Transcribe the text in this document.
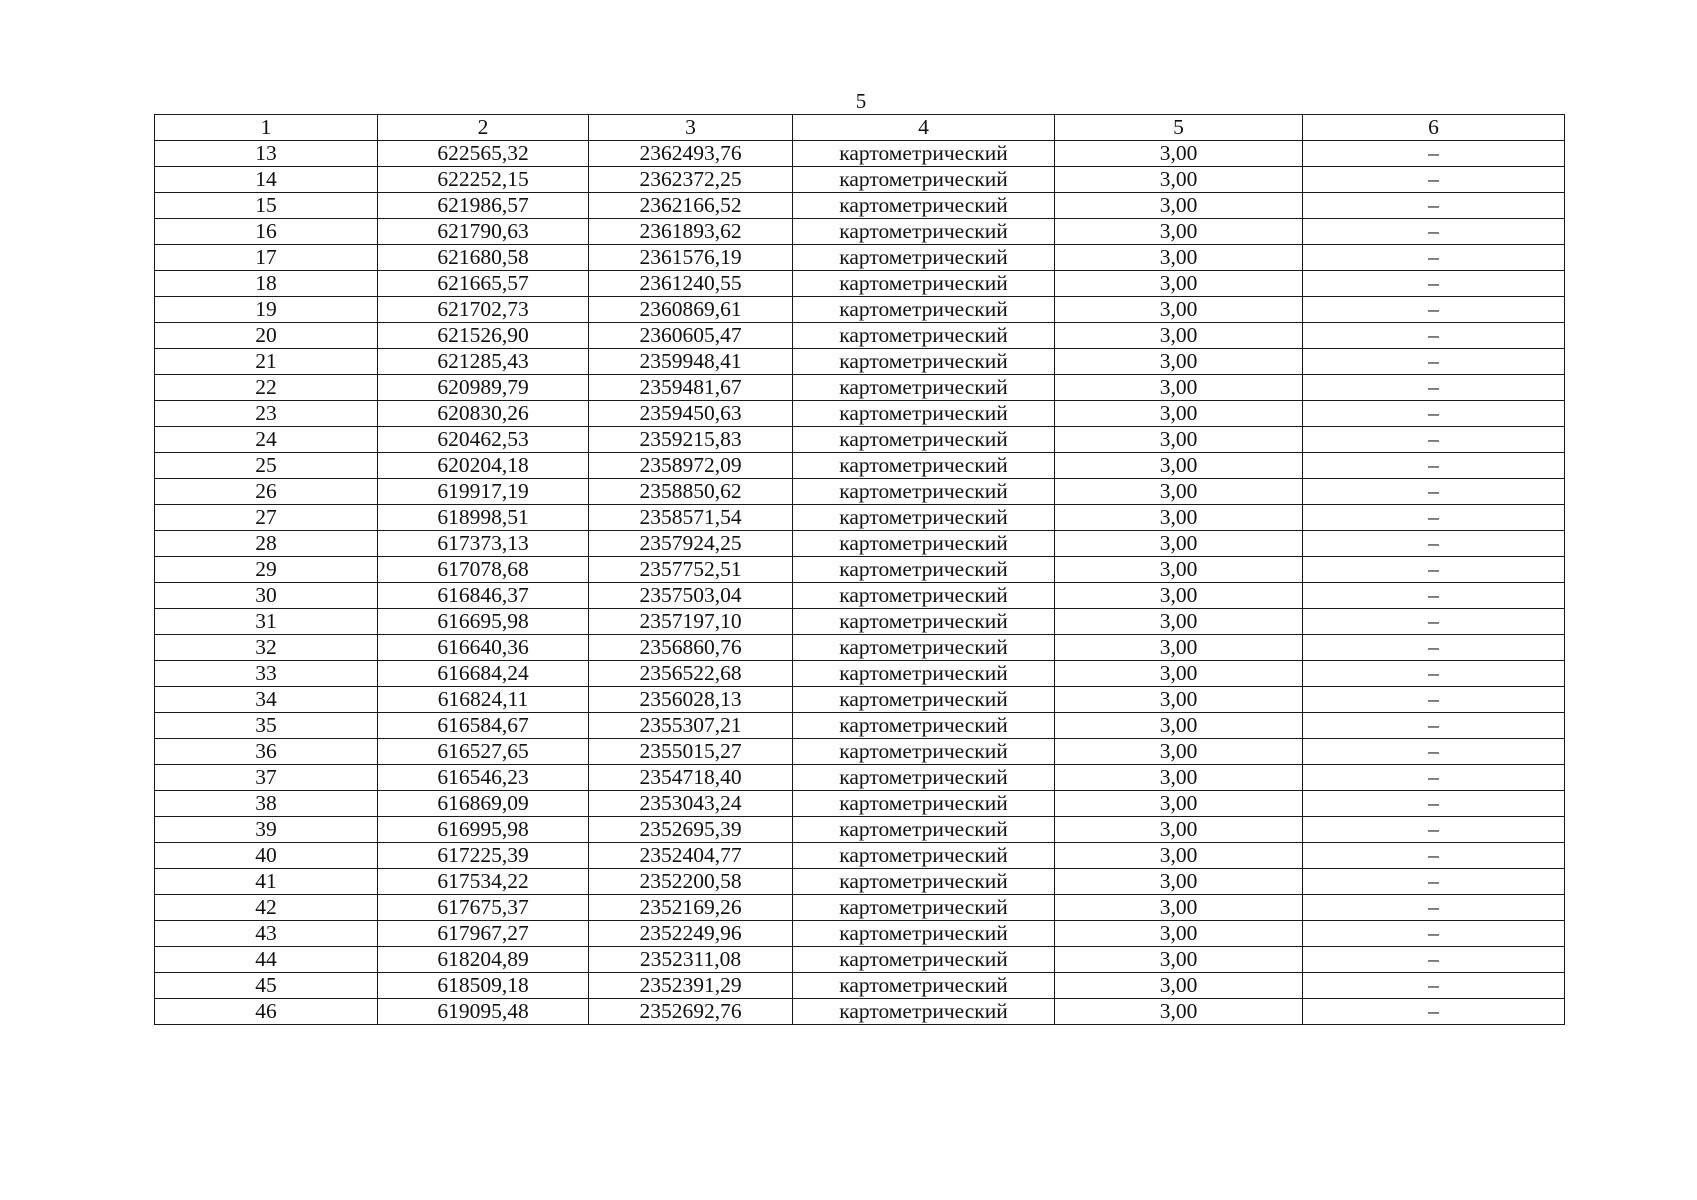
5
1	2	3	4	5	6
13	622565,32	2362493,76	картометрический	3,00	–
14	622252,15	2362372,25	картометрический	3,00	–
15	621986,57	2362166,52	картометрический	3,00	–
16	621790,63	2361893,62	картометрический	3,00	–
17	621680,58	2361576,19	картометрический	3,00	–
18	621665,57	2361240,55	картометрический	3,00	–
19	621702,73	2360869,61	картометрический	3,00	–
20	621526,90	2360605,47	картометрический	3,00	–
21	621285,43	2359948,41	картометрический	3,00	–
22	620989,79	2359481,67	картометрический	3,00	–
23	620830,26	2359450,63	картометрический	3,00	–
24	620462,53	2359215,83	картометрический	3,00	–
25	620204,18	2358972,09	картометрический	3,00	–
26	619917,19	2358850,62	картометрический	3,00	–
27	618998,51	2358571,54	картометрический	3,00	–
28	617373,13	2357924,25	картометрический	3,00	–
29	617078,68	2357752,51	картометрический	3,00	–
30	616846,37	2357503,04	картометрический	3,00	–
31	616695,98	2357197,10	картометрический	3,00	–
32	616640,36	2356860,76	картометрический	3,00	–
33	616684,24	2356522,68	картометрический	3,00	–
34	616824,11	2356028,13	картометрический	3,00	–
35	616584,67	2355307,21	картометрический	3,00	–
36	616527,65	2355015,27	картометрический	3,00	–
37	616546,23	2354718,40	картометрический	3,00	–
38	616869,09	2353043,24	картометрический	3,00	–
39	616995,98	2352695,39	картометрический	3,00	–
40	617225,39	2352404,77	картометрический	3,00	–
41	617534,22	2352200,58	картометрический	3,00	–
42	617675,37	2352169,26	картометрический	3,00	–
43	617967,27	2352249,96	картометрический	3,00	–
44	618204,89	2352311,08	картометрический	3,00	–
45	618509,18	2352391,29	картометрический	3,00	–
46	619095,48	2352692,76	картометрический	3,00	–
